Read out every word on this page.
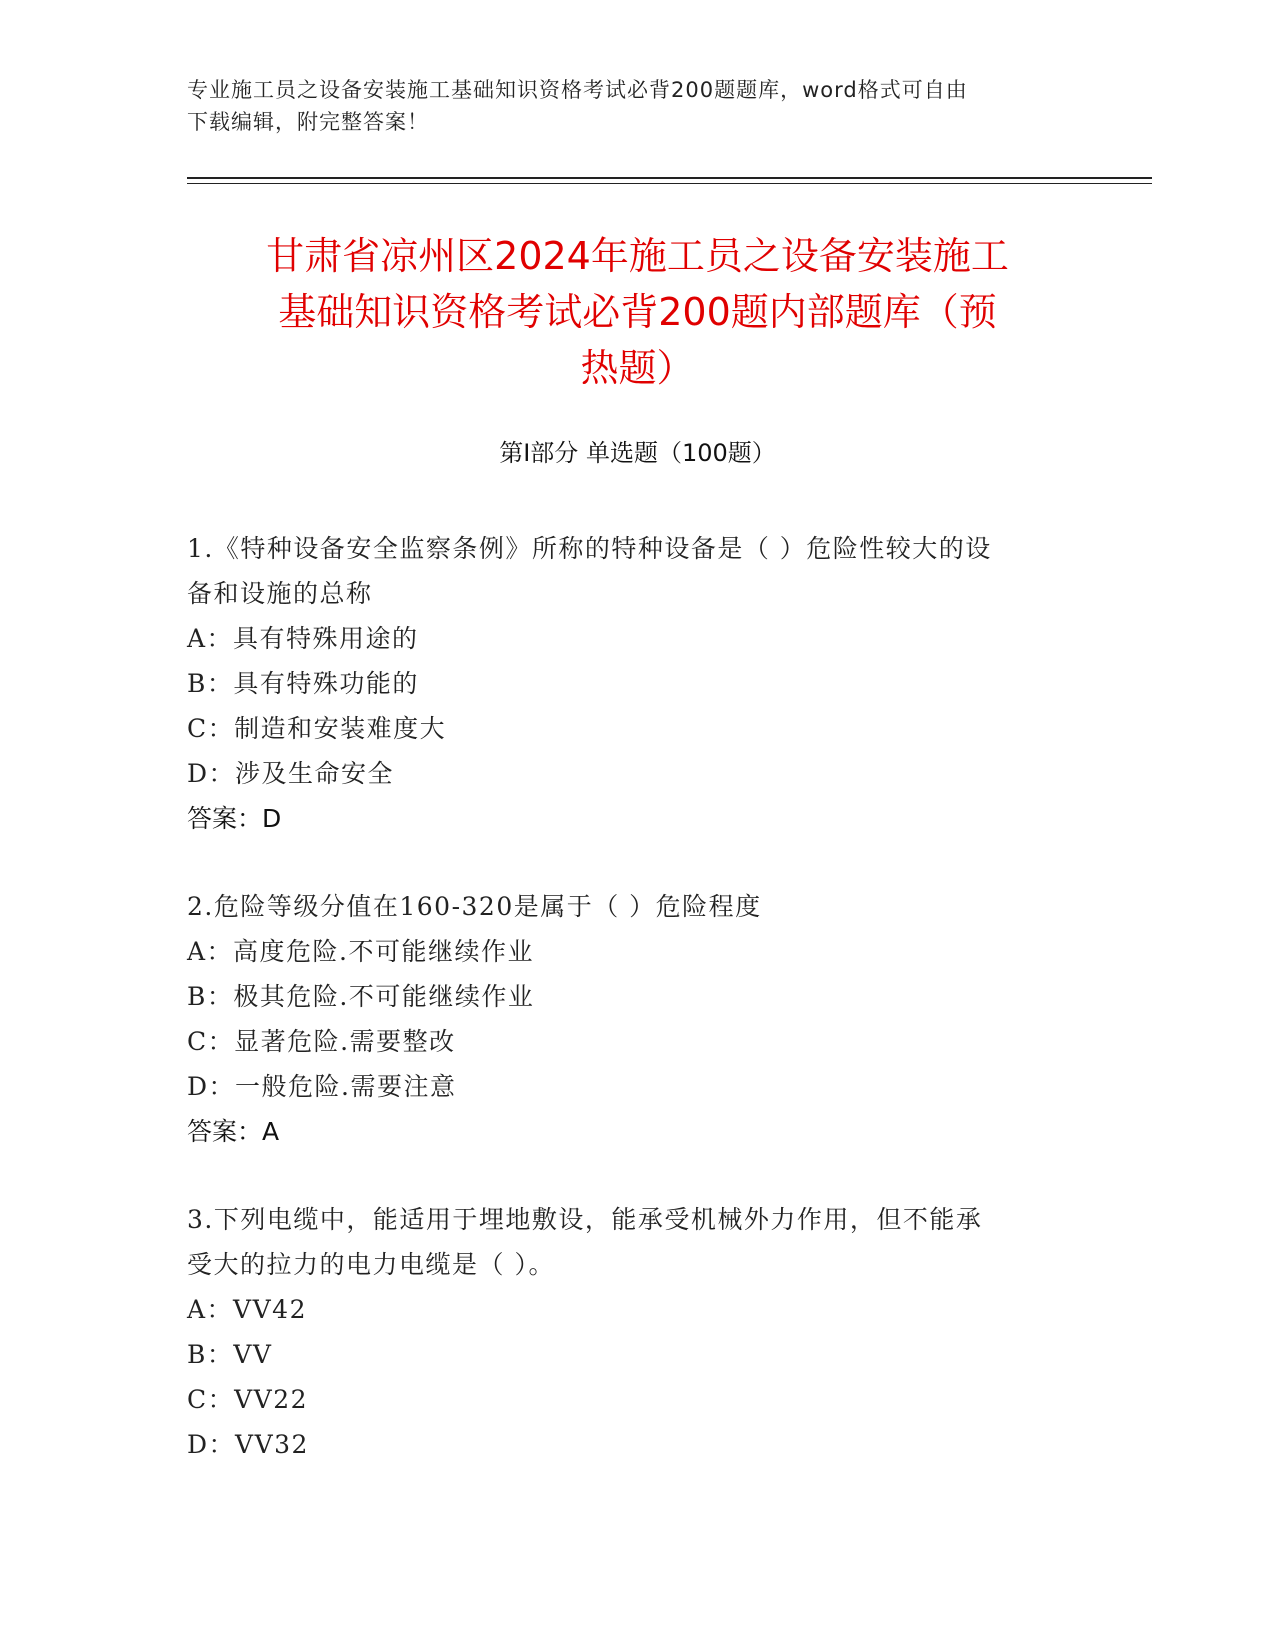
专业施工员之设备安装施工基础知识资格考试必背200题题库，word格式可自由
下载编辑，附完整答案！
甘肃省凉州区2024年施工员之设备安装施工
基础知识资格考试必背200题内部题库（预
热题）
第I部分 单选题（100题）
1.《特种设备安全监察条例》所称的特种设备是（ ）危险性较大的设
备和设施的总称
A：具有特殊用途的
B：具有特殊功能的
C：制造和安装难度大
D：涉及生命安全
答案：D
2.危险等级分值在160-320是属于（ ）危险程度
A：高度危险.不可能继续作业
B：极其危险.不可能继续作业
C：显著危险.需要整改
D：一般危险.需要注意
答案：A
3.下列电缆中，能适用于埋地敷设，能承受机械外力作用，但不能承
受大的拉力的电力电缆是（ ）。
A：VV42
B：VV
C：VV22
D：VV32
